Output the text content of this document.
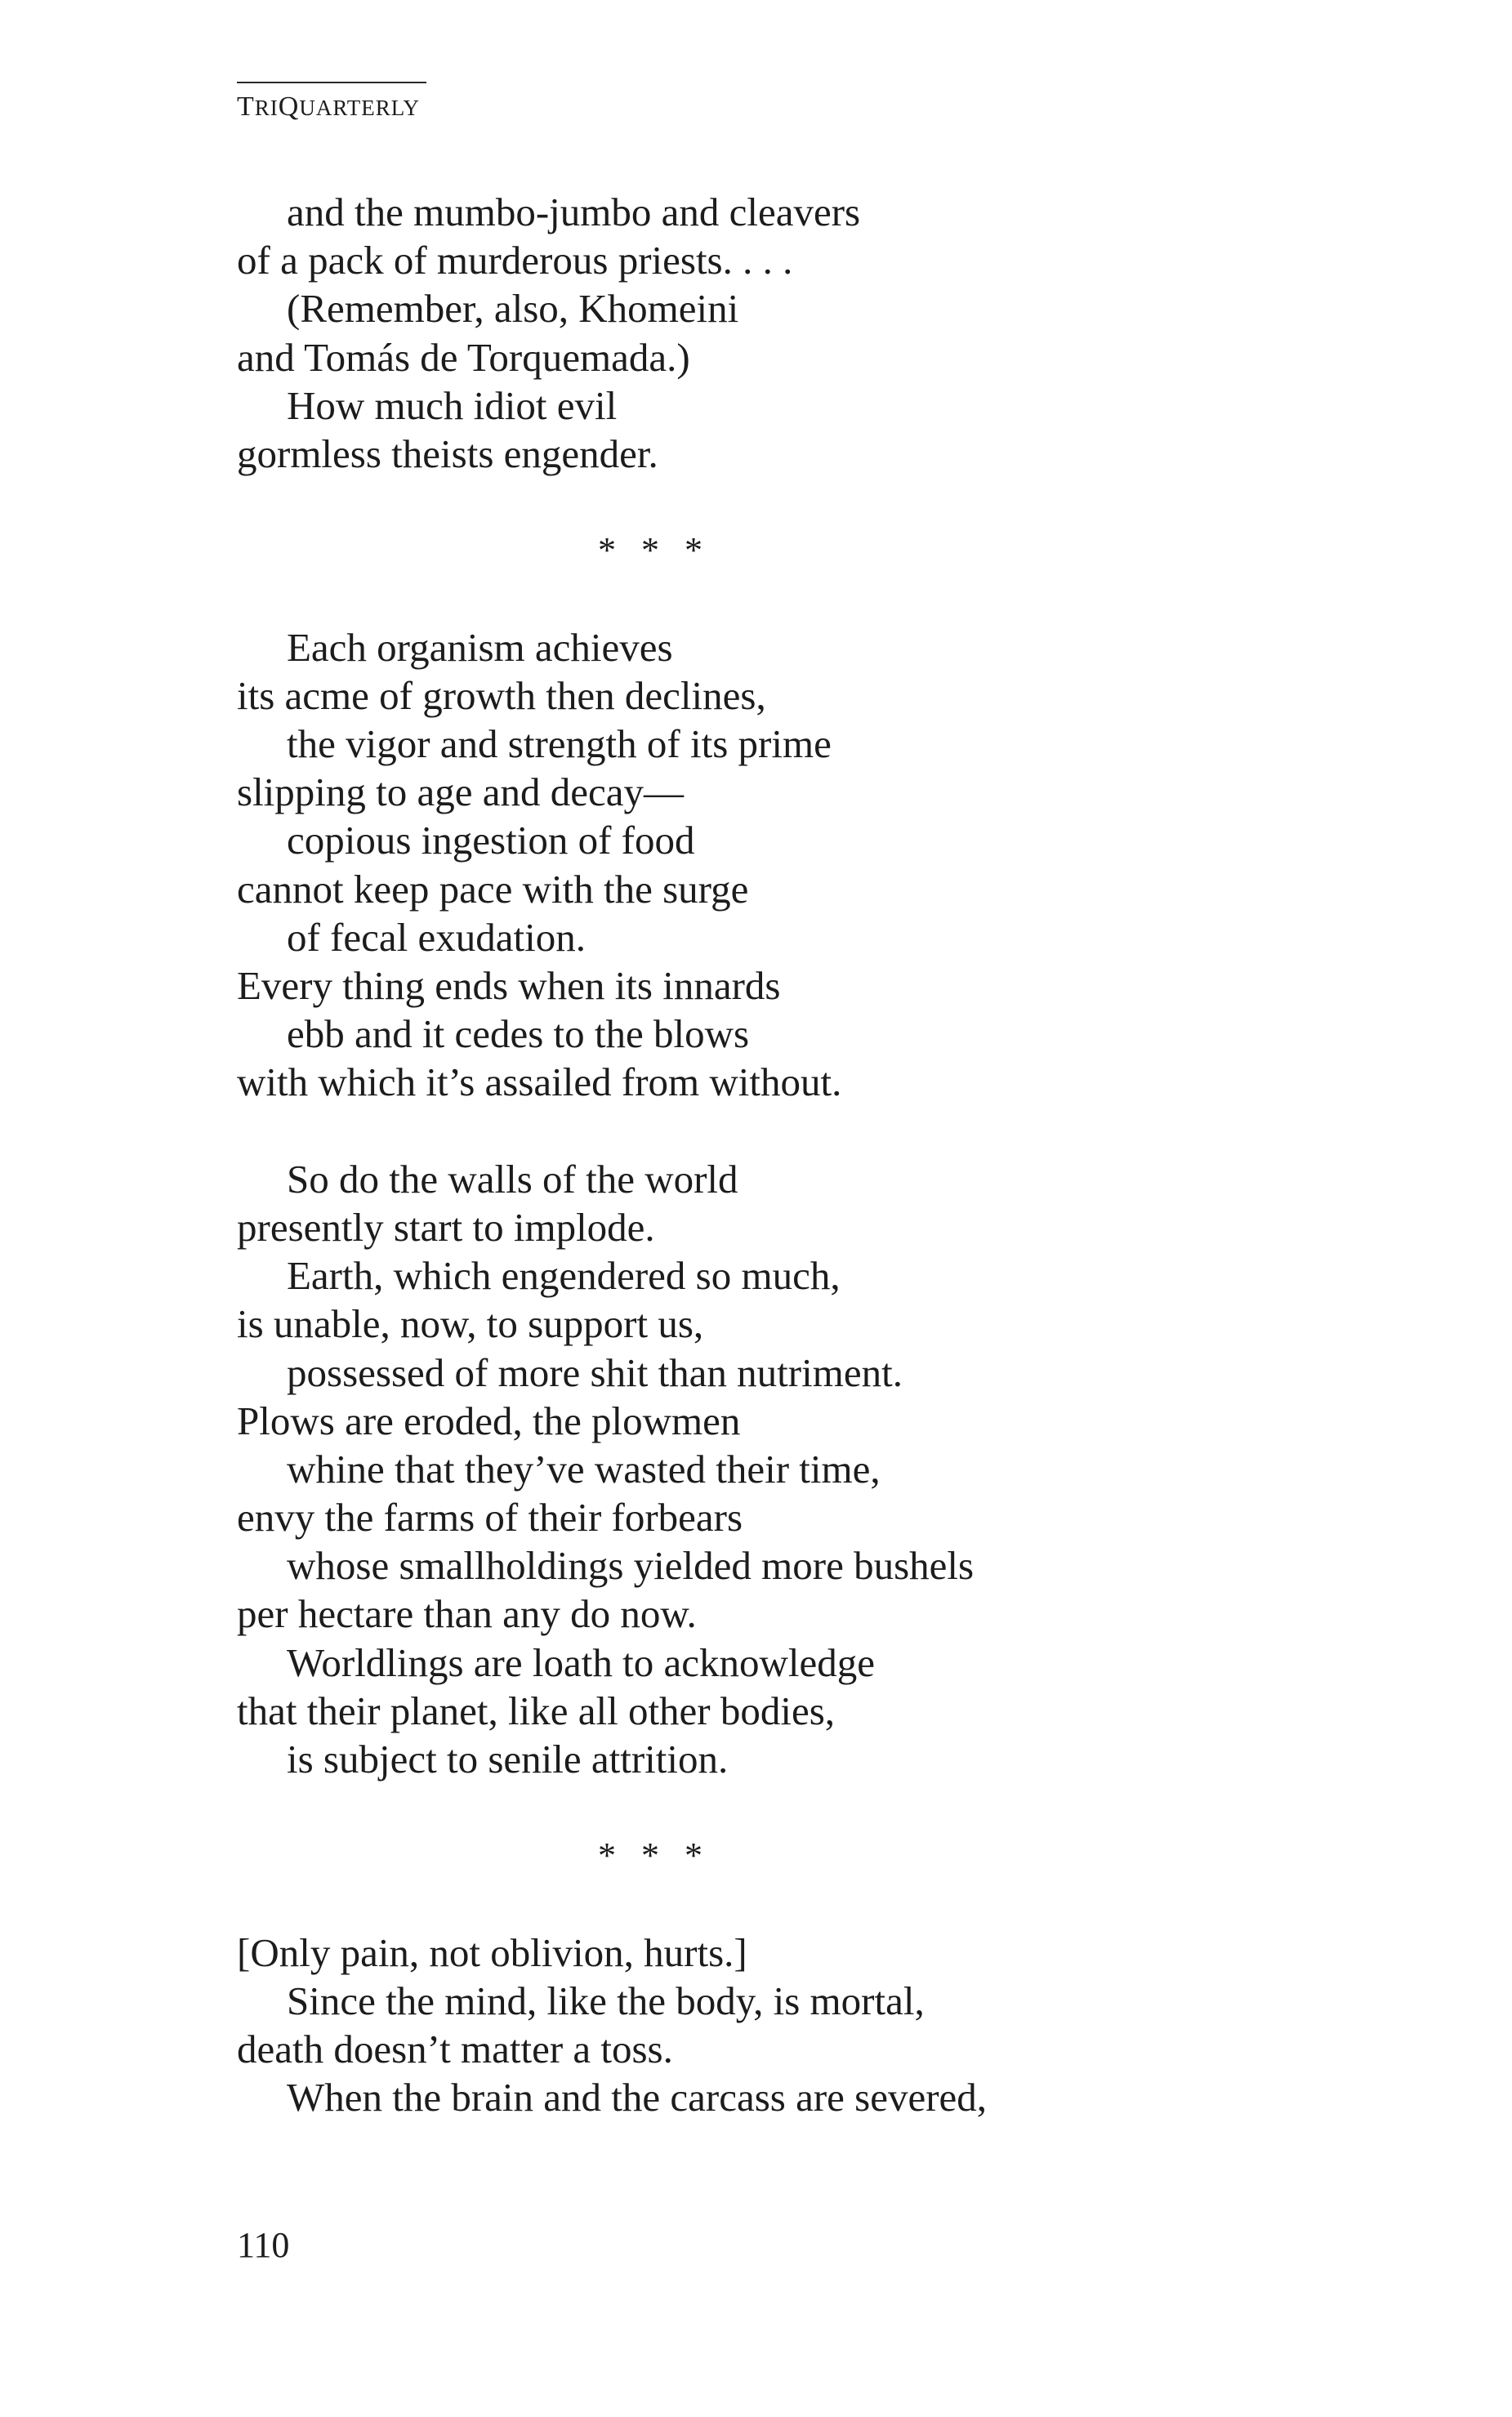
TRIQUARTERLY
and the mumbo-jumbo and cleavers
of a pack of murderous priests. . . .
(Remember, also, Khomeini
and Tomás de Torquemada.)
How much idiot evil
gormless theists engender.
* * *
Each organism achieves
its acme of growth then declines,
the vigor and strength of its prime
slipping to age and decay—
copious ingestion of food
cannot keep pace with the surge
of fecal exudation.
Every thing ends when its innards
ebb and it cedes to the blows
with which it’s assailed from without.
So do the walls of the world
presently start to implode.
Earth, which engendered so much,
is unable, now, to support us,
possessed of more shit than nutriment.
Plows are eroded, the plowmen
whine that they’ve wasted their time,
envy the farms of their forbears
whose smallholdings yielded more bushels
per hectare than any do now.
Worldlings are loath to acknowledge
that their planet, like all other bodies,
is subject to senile attrition.
* * *
[Only pain, not oblivion, hurts.]
Since the mind, like the body, is mortal,
death doesn’t matter a toss.
When the brain and the carcass are severed,
110
